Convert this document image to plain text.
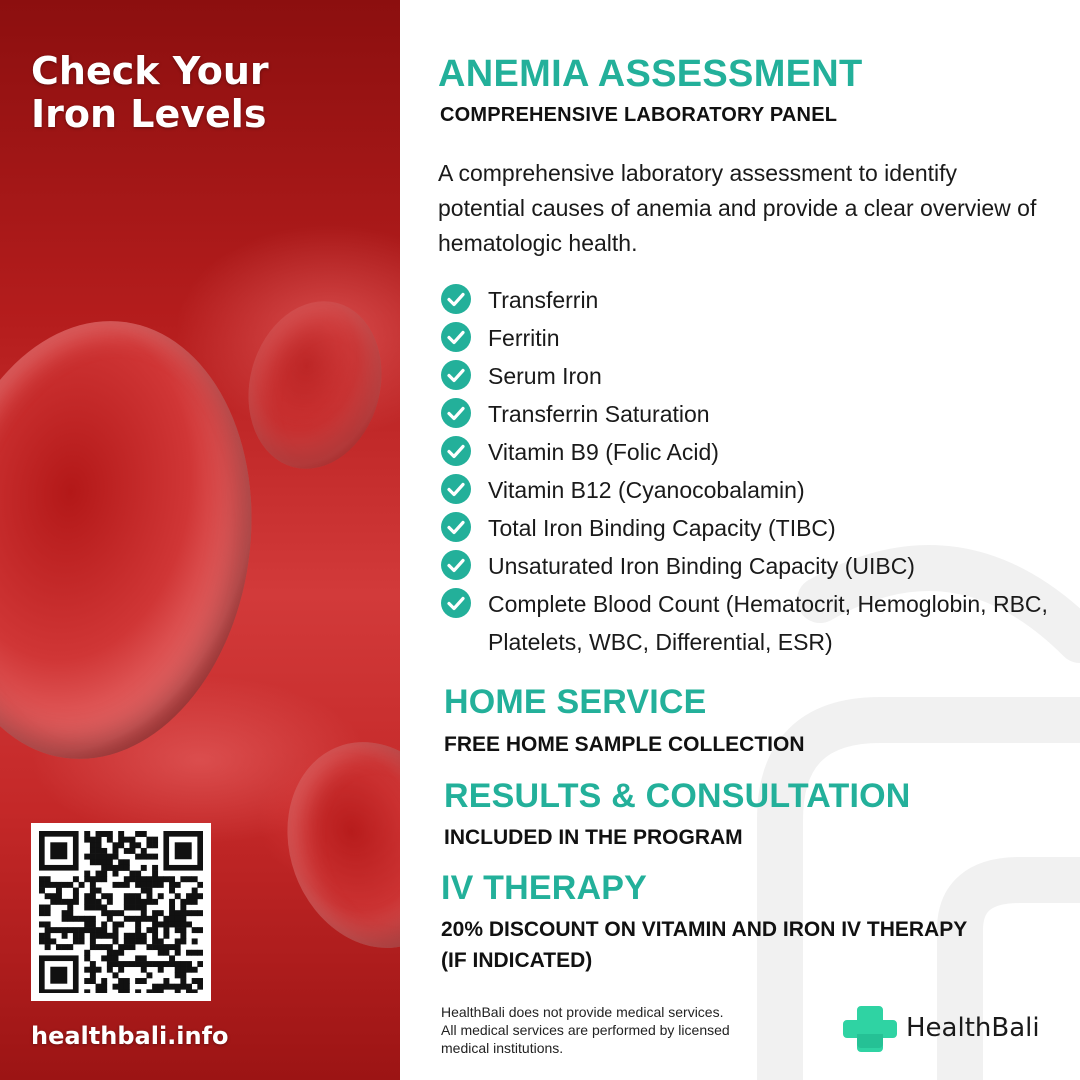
Check Your
Iron Levels
healthbali.info
ANEMIA ASSESSMENT

COMPREHENSIVE LABORATORY PANEL

A comprehensive laboratory assessment to identify potential causes of anemia and provide a clear overview of hematologic health.

Transferrin
Ferritin
Serum Iron
Transferrin Saturation
Vitamin B9 (Folic Acid)
Vitamin B12 (Cyanocobalamin)
Total Iron Binding Capacity (TIBC)
Unsaturated Iron Binding Capacity (UIBC)
Complete Blood Count (Hematocrit, Hemoglobin, RBC, Platelets, WBC, Differential, ESR)
HOME SERVICE

FREE HOME SAMPLE COLLECTION

RESULTS & CONSULTATION

INCLUDED IN THE PROGRAM

IV THERAPY

20% DISCOUNT ON VITAMIN AND IRON IV THERAPY
(IF INDICATED)

HealthBali does not provide medical services.
All medical services are performed by licensed
medical institutions.

HealthBali
